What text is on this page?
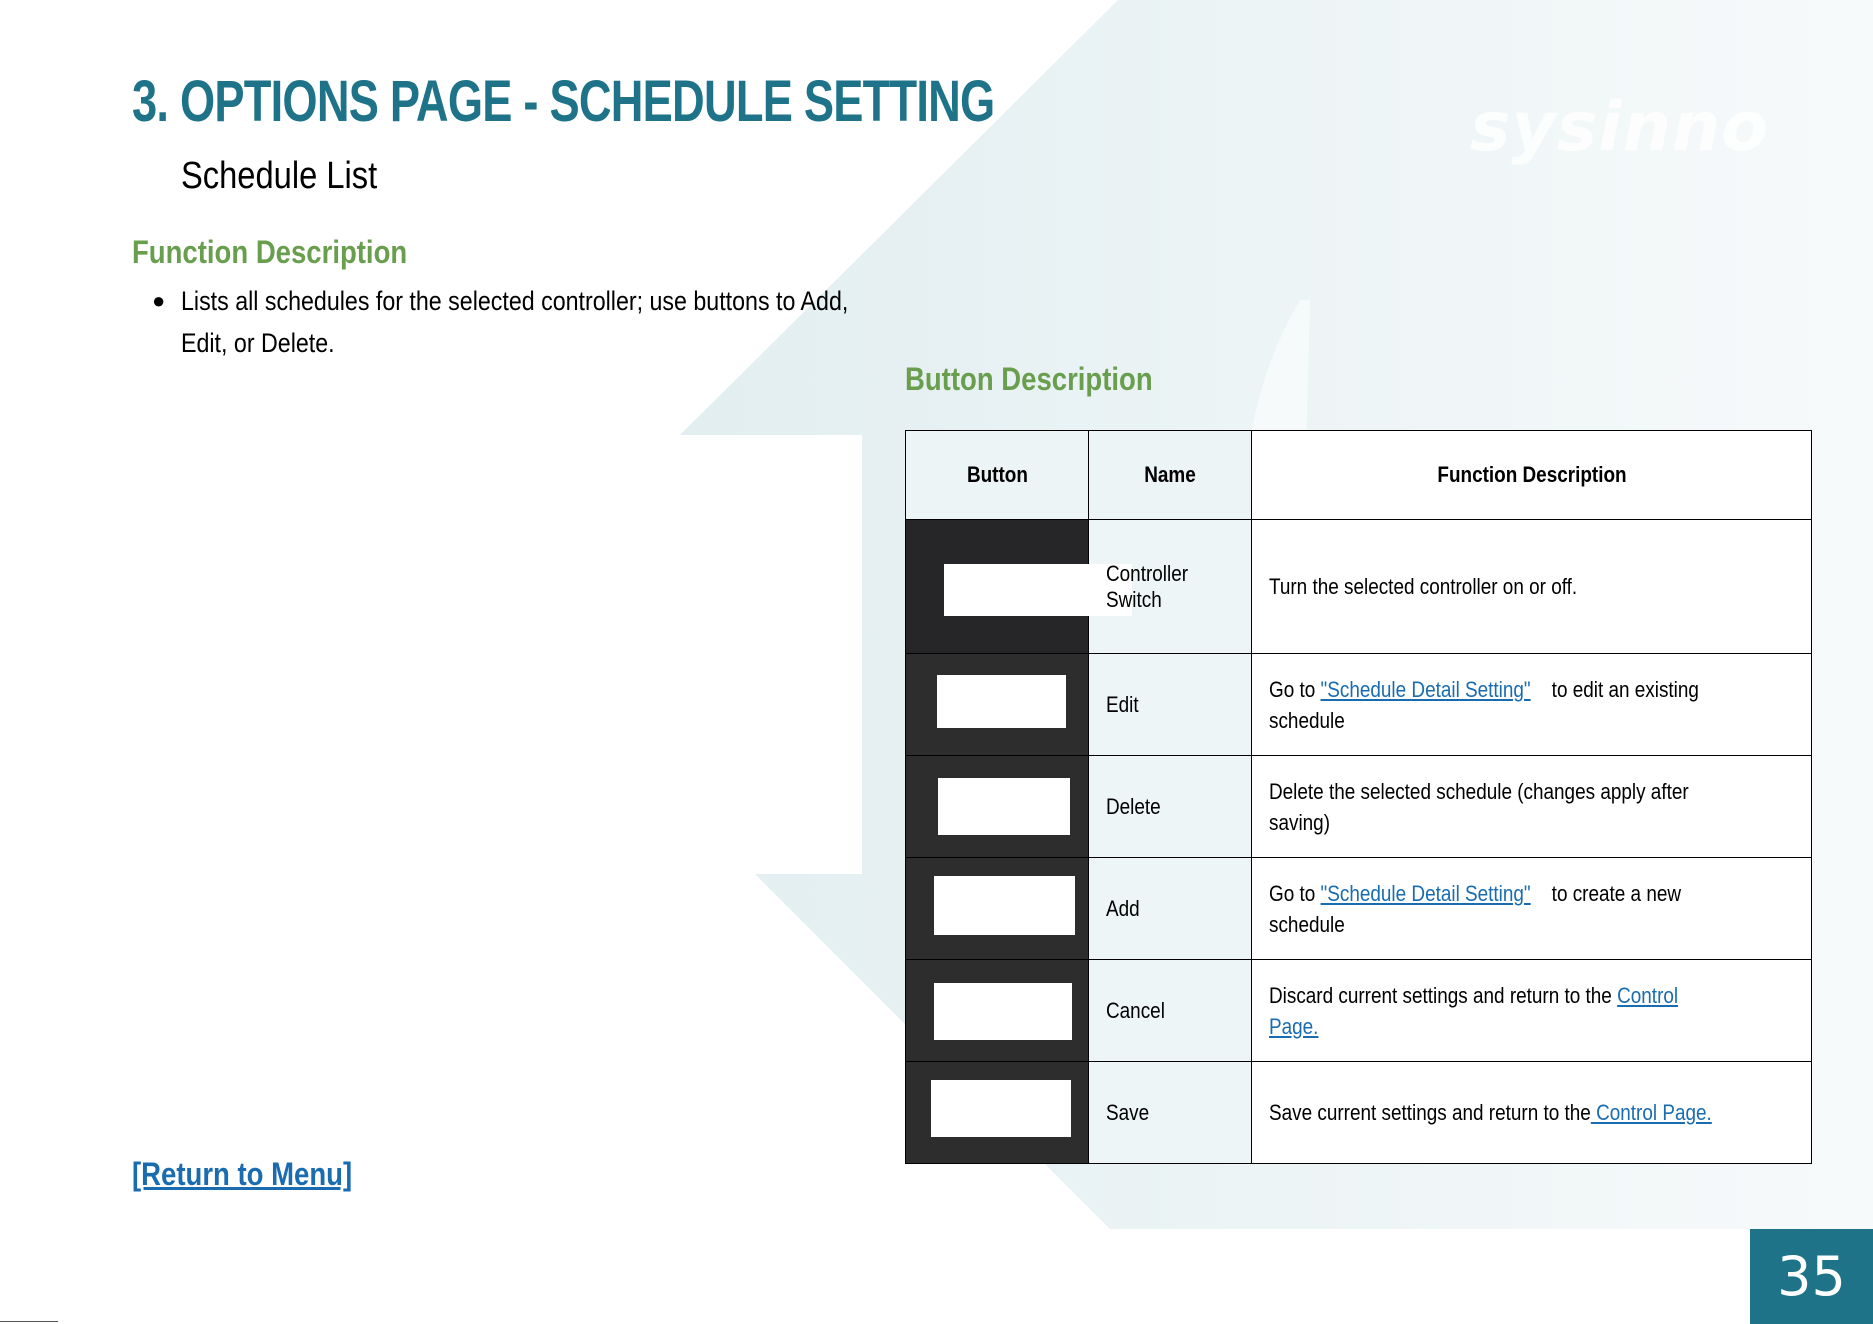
sysinno
3. OPTIONS PAGE - SCHEDULE SETTING
Schedule List
Function Description
● Lists all schedules for the selected controller; use buttons to Add, Edit, or Delete.
Button Description
Button	Name	Function Description

	Controller Switch	Turn the selected controller on or off.

	Edit	Go to "Schedule Detail Setting"    to edit an existing schedule

	Delete	Delete the selected schedule (changes apply after saving)

	Add	Go to "Schedule Detail Setting"    to create a new schedule

	Cancel	Discard current settings and return to the Control Page.

	Save	Save current settings and return to the Control Page.
[Return to Menu]
35
